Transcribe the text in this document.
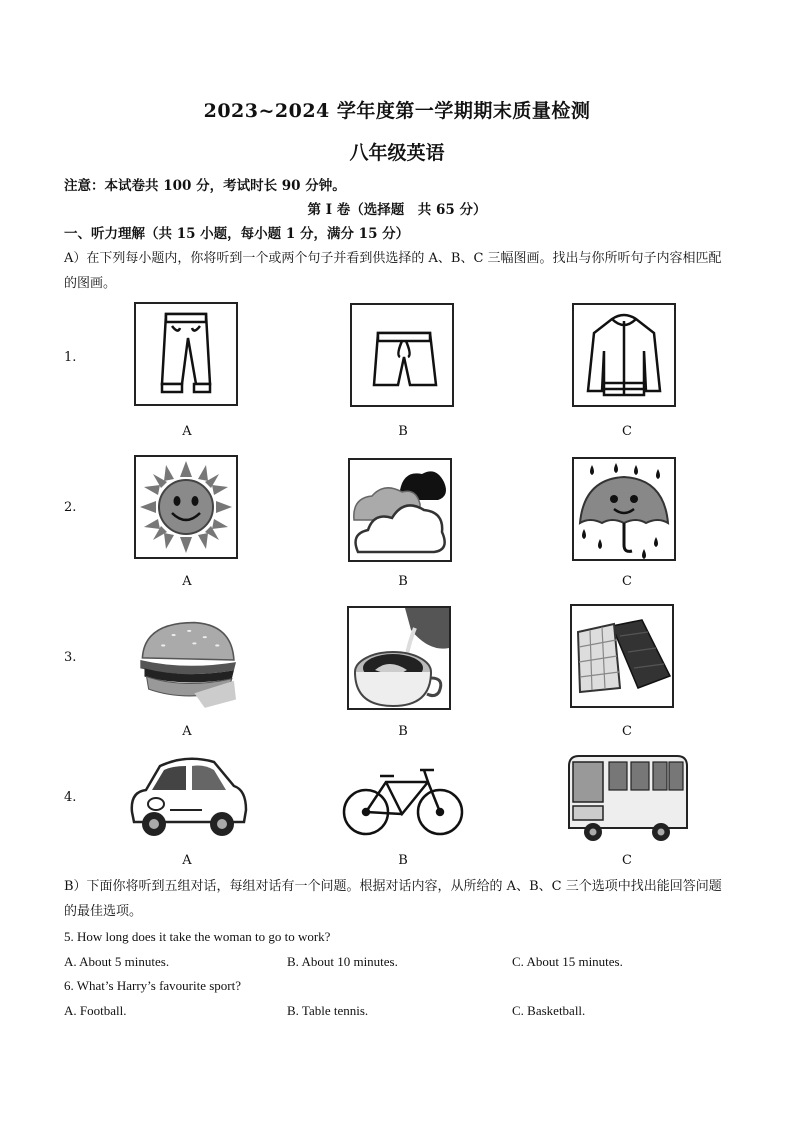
2023~2024 学年度第一学期期末质量检测
八年级英语
注意：本试卷共 100 分，考试时长 90 分钟。
第 I 卷（选择题　共 65 分）
一、听力理解（共 15 小题，每小题 1 分，满分 15 分）
A）在下列每小题内，你将听到一个或两个句子并看到供选择的 A、B、C 三幅图画。找出与你所听句子内容相匹配的图画。
1.
A	B	C
2.
A	B	C
3.
A	B	C
4.
A	B	C
B）下面你将听到五组对话，每组对话有一个问题。根据对话内容，从所给的 A、B、C 三个选项中找出能回答问题的最佳选项。
5. How long does it take the woman to go to work?
A. About 5 minutes.	B. About 10 minutes.	C. About 15 minutes.
6. What’s Harry’s favourite sport?
A. Football.	B. Table tennis.	C. Basketball.
